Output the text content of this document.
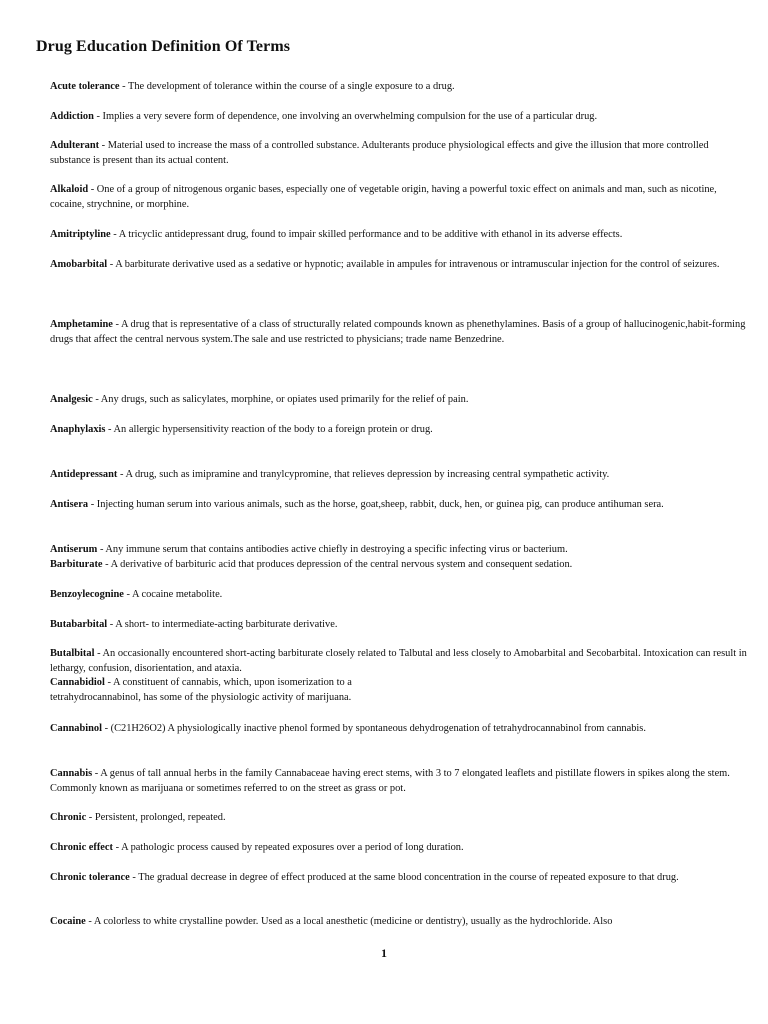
Drug Education Definition Of Terms

Acute tolerance - The development of tolerance within the course of a single exposure to a drug.

Addiction - Implies a very severe form of dependence, one involving an overwhelming compulsion for the use of a particular drug.

Adulterant - Material used to increase the mass of a controlled substance. Adulterants produce physiological effects and give the illusion that more controlled substance is present than its actual content.

Alkaloid - One of a group of nitrogenous organic bases, especially one of vegetable origin, having a powerful toxic effect on animals and man, such as nicotine, cocaine, strychnine, or morphine.

Amitriptyline - A tricyclic antidepressant drug, found to impair skilled performance and to be additive with ethanol in its adverse effects.

Amobarbital - A barbiturate derivative used as a sedative or hypnotic; available in ampules for intravenous or intramuscular injection for the control of seizures.

Amphetamine - A drug that is representative of a class of structurally related compounds known as phenethylamines. Basis of a group of hallucinogenic,habit-forming drugs that affect the central nervous system.The sale and use restricted to physicians; trade name Benzedrine.

Analgesic - Any drugs, such as salicylates, morphine, or opiates used primarily for the relief of pain.

Anaphylaxis - An allergic hypersensitivity reaction of the body to a foreign protein or drug.

Antidepressant - A drug, such as imipramine and tranylcypromine, that relieves depression by increasing central sympathetic activity.

Antisera - Injecting human serum into various animals, such as the horse, goat,sheep, rabbit, duck, hen, or guinea pig, can produce antihuman sera.

Antiserum - Any immune serum that contains antibodies active chiefly in destroying a specific infecting virus or bacterium.

Barbiturate - A derivative of barbituric acid that produces depression of the central nervous system and consequent sedation.

Benzoylecognine - A cocaine metabolite.

Butabarbital - A short- to intermediate-acting barbiturate derivative.

Butalbital - An occasionally encountered short-acting barbiturate closely related to Talbutal and less closely to Amobarbital and Secobarbital. Intoxication can result in lethargy, confusion, disorientation, and ataxia.

Cannabidiol - A constituent of cannabis, which, upon isomerization to a tetrahydrocannabinol, has some of the physiologic activity of marijuana.

Cannabinol - (C21H26O2) A physiologically inactive phenol formed by spontaneous dehydrogenation of tetrahydrocannabinol from cannabis.

Cannabis - A genus of tall annual herbs in the family Cannabaceae having erect stems, with 3 to 7 elongated leaflets and pistillate flowers in spikes along the stem. Commonly known as marijuana or sometimes referred to on the street as grass or pot.

Chronic - Persistent, prolonged, repeated.

Chronic effect - A pathologic process caused by repeated exposures over a period of long duration.

Chronic tolerance - The gradual decrease in degree of effect produced at the same blood concentration in the course of repeated exposure to that drug.

Cocaine - A colorless to white crystalline powder. Used as a local anesthetic (medicine or dentistry), usually as the hydrochloride. Also

1
